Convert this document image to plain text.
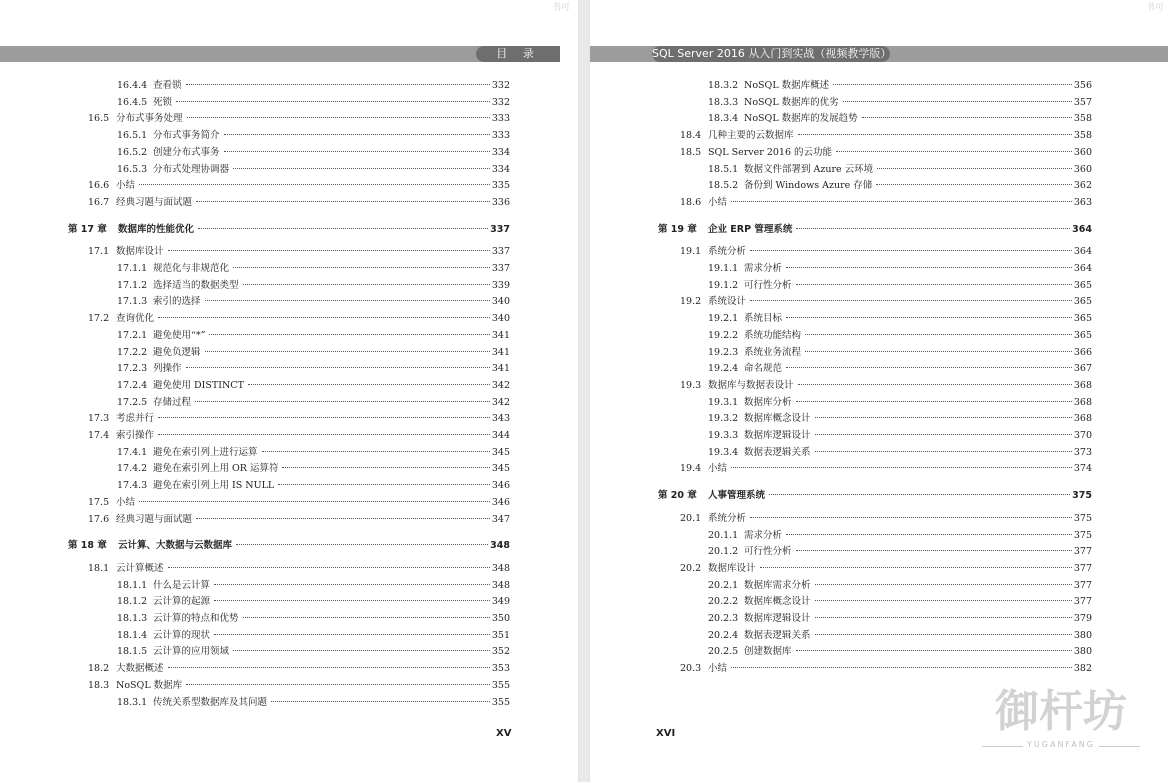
书可
目 录
16.4.4 查看锁	332
16.4.5 死锁	332
16.5 分布式事务处理	333
16.5.1 分布式事务简介	333
16.5.2 创建分布式事务	334
16.5.3 分布式处理协调器	334
16.6 小结	335
16.7 经典习题与面试题	336
第 17 章	数据库的性能优化	337
17.1 数据库设计	337
17.1.1 规范化与非规范化	337
17.1.2 选择适当的数据类型	339
17.1.3 索引的选择	340
17.2 查询优化	340
17.2.1 避免使用“*”	341
17.2.2 避免负逻辑	341
17.2.3 列操作	341
17.2.4 避免使用 DISTINCT	342
17.2.5 存储过程	342
17.3 考虑并行	343
17.4 索引操作	344
17.4.1 避免在索引列上进行运算	345
17.4.2 避免在索引列上用 OR 运算符	345
17.4.3 避免在索引列上用 IS NULL	346
17.5 小结	346
17.6 经典习题与面试题	347
第 18 章	云计算、大数据与云数据库	348
18.1 云计算概述	348
18.1.1 什么是云计算	348
18.1.2 云计算的起源	349
18.1.3 云计算的特点和优势	350
18.1.4 云计算的现状	351
18.1.5 云计算的应用领域	352
18.2 大数据概述	353
18.3 NoSQL 数据库	355
18.3.1 传统关系型数据库及其问题	355
XV
书可
SQL Server 2016 从入门到实战（视频教学版）
18.3.2 NoSQL 数据库概述	356
18.3.3 NoSQL 数据库的优劣	357
18.3.4 NoSQL 数据库的发展趋势	358
18.4 几种主要的云数据库	358
18.5 SQL Server 2016 的云功能	360
18.5.1 数据文件部署到 Azure 云环境	360
18.5.2 备份到 Windows Azure 存储	362
18.6 小结	363
第 19 章	企业 ERP 管理系统	364
19.1 系统分析	364
19.1.1 需求分析	364
19.1.2 可行性分析	365
19.2 系统设计	365
19.2.1 系统目标	365
19.2.2 系统功能结构	365
19.2.3 系统业务流程	366
19.2.4 命名规范	367
19.3 数据库与数据表设计	368
19.3.1 数据库分析	368
19.3.2 数据库概念设计	368
19.3.3 数据库逻辑设计	370
19.3.4 数据表逻辑关系	373
19.4 小结	374
第 20 章	人事管理系统	375
20.1 系统分析	375
20.1.1 需求分析	375
20.1.2 可行性分析	377
20.2 数据库设计	377
20.2.1 数据库需求分析	377
20.2.2 数据库概念设计	377
20.2.3 数据库逻辑设计	379
20.2.4 数据表逻辑关系	380
20.2.5 创建数据库	380
20.3 小结	382
XVI	御杆坊
YUGANFANG
